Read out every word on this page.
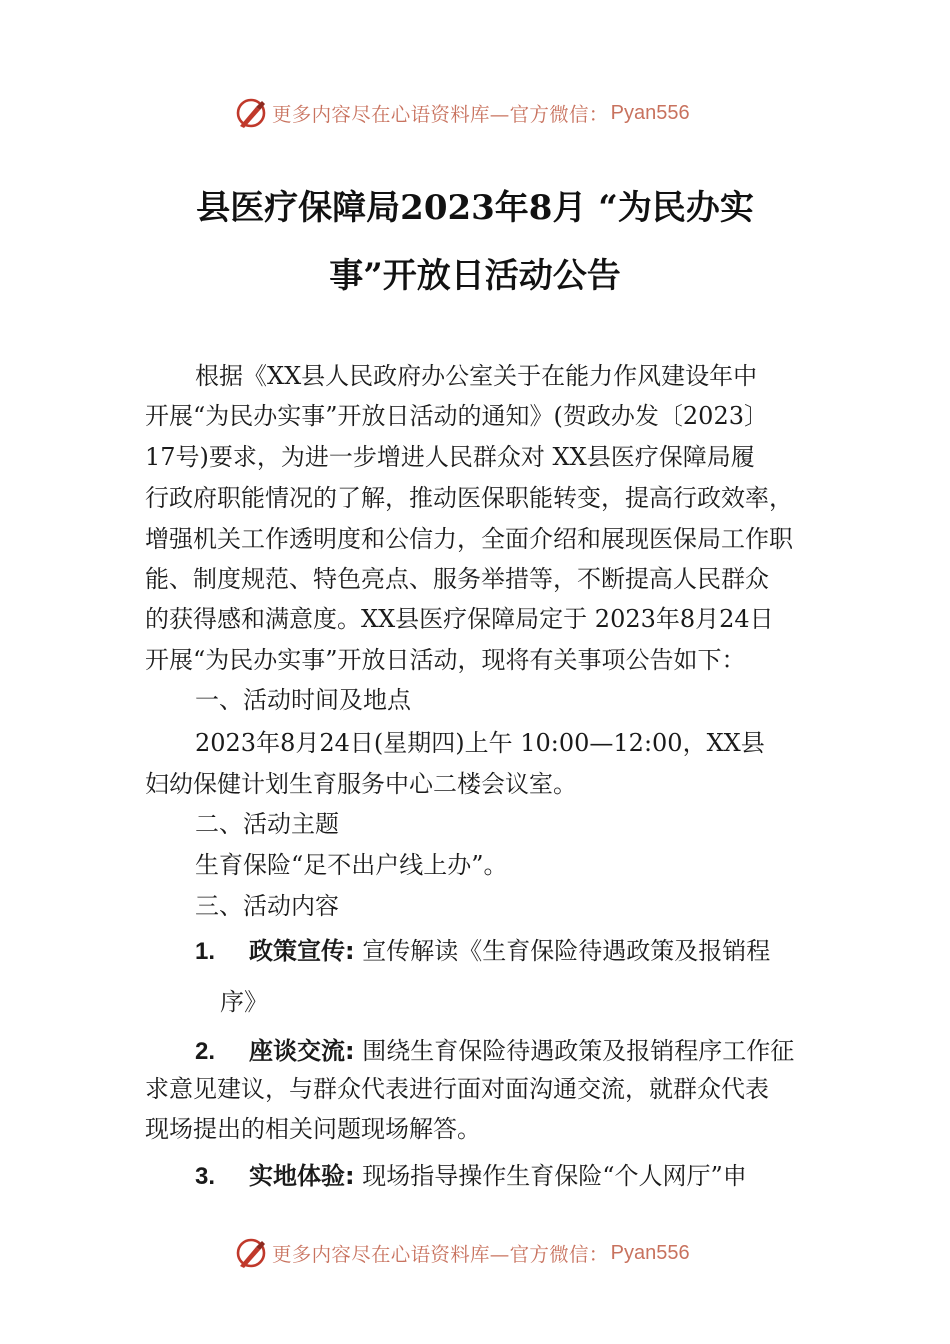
更多内容尽在心语资料库—官方微信： Pyan556
县医疗保障局2023年8月 “为民办实
事”开放日活动公告
根据《XX县人民政府办公室关于在能力作风建设年中
开展“为民办实事”开放日活动的通知》(贺政办发〔2023〕
17号)要求，为进一步增进人民群众对 XX县医疗保障局履
行政府职能情况的了解，推动医保职能转变，提高行政效率，
增强机关工作透明度和公信力，全面介绍和展现医保局工作职
能、制度规范、特色亮点、服务举措等，不断提高人民群众
的获得感和满意度。XX县医疗保障局定于 2023年8月24日
开展“为民办实事”开放日活动，现将有关事项公告如下：
一、活动时间及地点
2023年8月24日(星期四)上午 10:00—12:00，XX县
妇幼保健计划生育服务中心二楼会议室。
二、活动主题
生育保险“足不出户线上办”。
三、活动内容
1. 政策宣传: 宣传解读《生育保险待遇政策及报销程
序》
2. 座谈交流: 围绕生育保险待遇政策及报销程序工作征
求意见建议，与群众代表进行面对面沟通交流，就群众代表
现场提出的相关问题现场解答。
3. 实地体验: 现场指导操作生育保险“个人网厅”申
更多内容尽在心语资料库—官方微信： Pyan556
